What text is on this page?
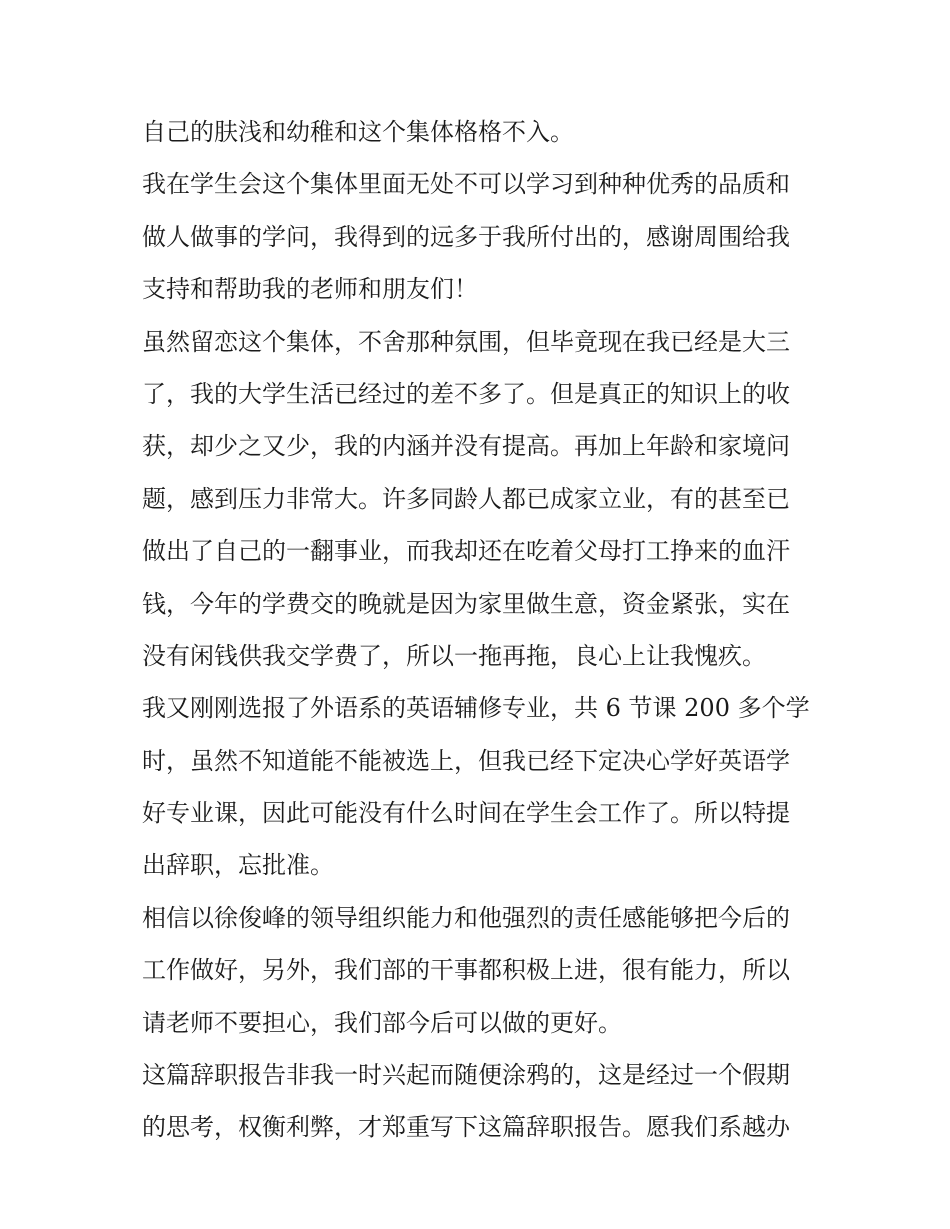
自己的肤浅和幼稚和这个集体格格不入。
我在学生会这个集体里面无处不可以学习到种种优秀的品质和
做人做事的学问，我得到的远多于我所付出的，感谢周围给我
支持和帮助我的老师和朋友们！
虽然留恋这个集体，不舍那种氛围，但毕竟现在我已经是大三
了，我的大学生活已经过的差不多了。但是真正的知识上的收
获，却少之又少，我的内涵并没有提高。再加上年龄和家境问
题，感到压力非常大。许多同龄人都已成家立业，有的甚至已
做出了自己的一翻事业，而我却还在吃着父母打工挣来的血汗
钱，今年的学费交的晚就是因为家里做生意，资金紧张，实在
没有闲钱供我交学费了，所以一拖再拖，良心上让我愧疚。
我又刚刚选报了外语系的英语辅修专业，共 6 节课 200 多个学
时，虽然不知道能不能被选上，但我已经下定决心学好英语学
好专业课，因此可能没有什么时间在学生会工作了。所以特提
出辞职，忘批准。
相信以徐俊峰的领导组织能力和他强烈的责任感能够把今后的
工作做好，另外，我们部的干事都积极上进，很有能力，所以
请老师不要担心，我们部今后可以做的更好。
这篇辞职报告非我一时兴起而随便涂鸦的，这是经过一个假期
的思考，权衡利弊，才郑重写下这篇辞职报告。愿我们系越办
